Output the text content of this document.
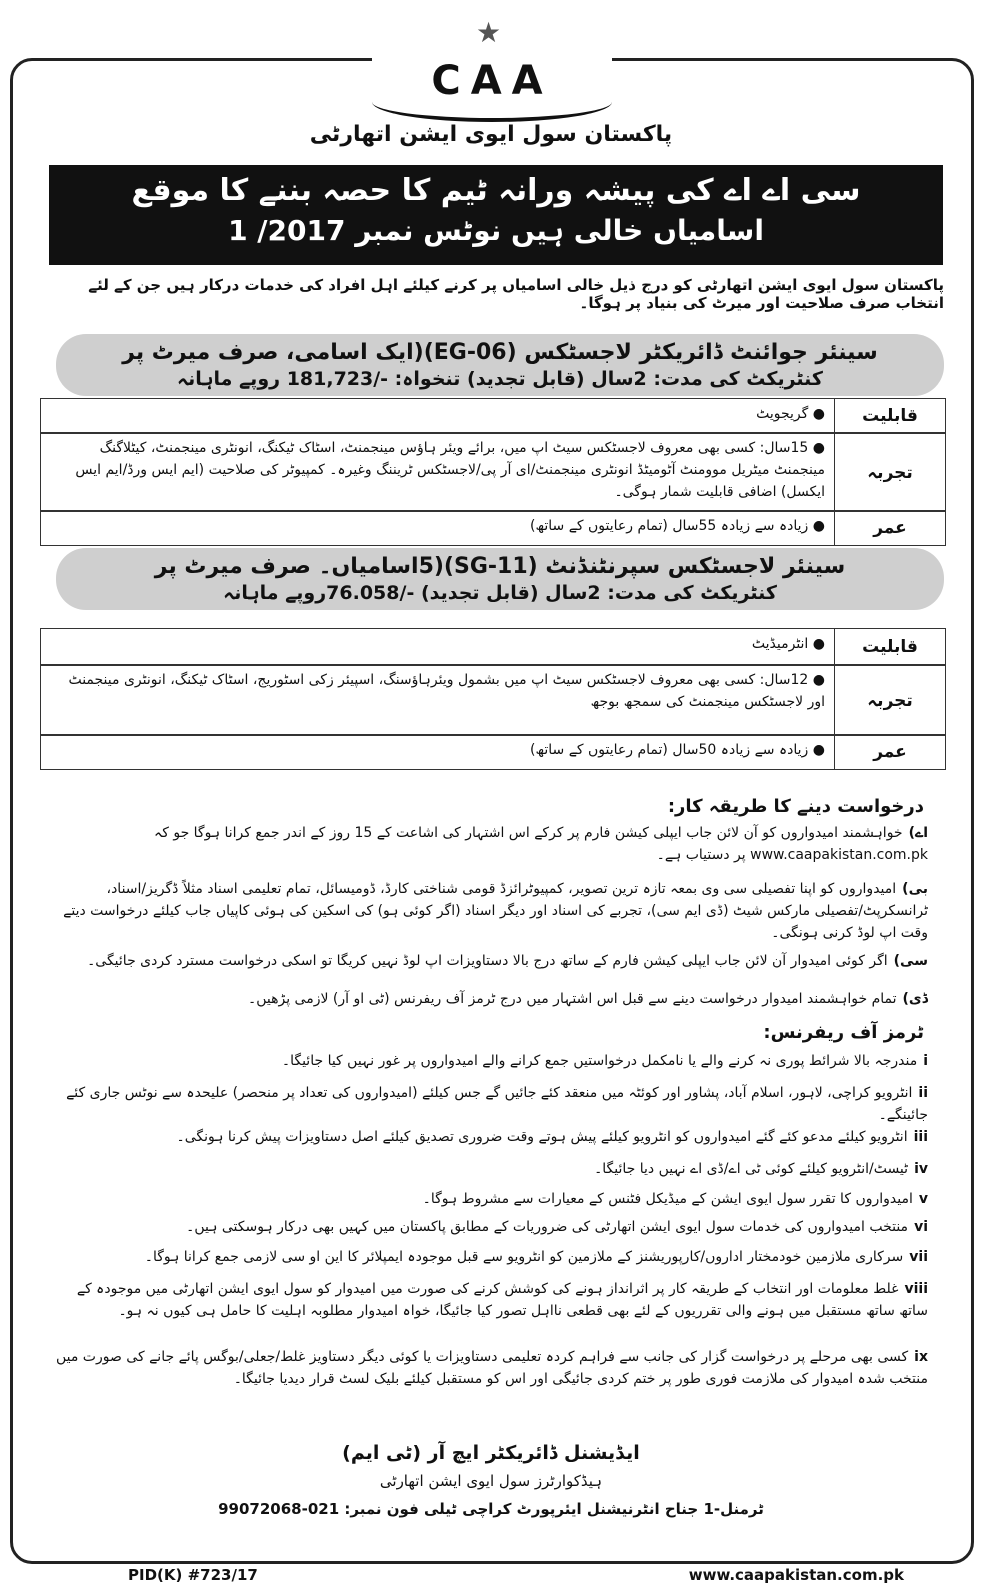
★
CAA
پاکستان سول ایوی ایشن اتھارٹی
سی اے اے کی پیشہ ورانہ ٹیم کا حصہ بننے کا موقع
اسامیاں خالی ہیں نوٹس نمبر 2017/ 1
پاکستان سول ایوی ایشن اتھارٹی کو درج ذیل خالی اسامیاں پر کرنے کیلئے اہل افراد کی خدمات درکار ہیں جن کے لئے انتخاب صرف صلاحیت اور میرٹ کی بنیاد پر ہوگا۔
سینئر جوائنٹ ڈائریکٹر لاجسٹکس (EG-06)(ایک اسامی، صرف میرٹ پر
کنٹریکٹ کی مدت: 2سال (قابل تجدید) تنخواہ: -/181,723 روپے ماہانہ
قابلیت
● گریجویٹ
تجربہ
● 15سال: کسی بھی معروف لاجسٹکس سیٹ اپ میں، برائے ویئر ہاؤس مینجمنٹ، اسٹاک ٹیکنگ، انونٹری مینجمنٹ، کیٹلاگنگ مینجمنٹ میٹریل موومنٹ آٹومیٹڈ انونٹری مینجمنٹ/ای آر پی/لاجسٹکس ٹریننگ وغیرہ۔ کمپیوٹر کی صلاحیت (ایم ایس ورڈ/ایم ایس ایکسل) اضافی قابلیت شمار ہوگی۔
عمر
● زیادہ سے زیادہ 55سال (تمام رعایتوں کے ساتھ)
سینئر لاجسٹکس سپرنٹنڈنٹ (SG-11)(5اسامیاں۔ صرف میرٹ پر
کنٹریکٹ کی مدت: 2سال (قابل تجدید) -/76.058روپے ماہانہ
قابلیت
● انٹرمیڈیٹ
تجربہ
● 12سال: کسی بھی معروف لاجسٹکس سیٹ اپ میں بشمول ویئرہاؤسنگ، اسپیئر زکی اسٹوریج، اسٹاک ٹیکنگ، انونٹری مینجمنٹ اور لاجسٹکس مینجمنٹ کی سمجھ بوجھ
عمر
● زیادہ سے زیادہ 50سال (تمام رعایتوں کے ساتھ)
درخواست دینے کا طریقہ کار:
اے)خواہشمند امیدواروں کو آن لائن جاب ایپلی کیشن فارم پر کرکے اس اشتہار کی اشاعت کے 15 روز کے اندر جمع کرانا ہوگا جو کہ www.caapakistan.com.pk پر دستیاب ہے۔
بی)امیدواروں کو اپنا تفصیلی سی وی بمعہ تازہ ترین تصویر، کمپیوٹرائزڈ قومی شناختی کارڈ، ڈومیسائل، تمام تعلیمی اسناد مثلاً ڈگریز/اسناد، ٹرانسکرپٹ/تفصیلی مارکس شیٹ (ڈی ایم سی)، تجربے کی اسناد اور دیگر اسناد (اگر کوئی ہو) کی اسکین کی ہوئی کاپیاں جاب کیلئے درخواست دیتے وقت اپ لوڈ کرنی ہونگی۔
سی)اگر کوئی امیدوار آن لائن جاب ایپلی کیشن فارم کے ساتھ درج بالا دستاویزات اپ لوڈ نہیں کریگا تو اسکی درخواست مسترد کردی جائیگی۔
ڈی)تمام خواہشمند امیدوار درخواست دینے سے قبل اس اشتہار میں درج ٹرمز آف ریفرنس (ٹی او آر) لازمی پڑھیں۔
ٹرمز آف ریفرنس:
iمندرجہ بالا شرائط پوری نہ کرنے والے یا نامکمل درخواستیں جمع کرانے والے امیدواروں پر غور نہیں کیا جائیگا۔
iiانٹرویو کراچی، لاہور، اسلام آباد، پشاور اور کوئٹہ میں منعقد کئے جائیں گے جس کیلئے (امیدواروں کی تعداد پر منحصر) علیحدہ سے نوٹس جاری کئے جائینگے۔
iiiانٹرویو کیلئے مدعو کئے گئے امیدواروں کو انٹرویو کیلئے پیش ہوتے وقت ضروری تصدیق کیلئے اصل دستاویزات پیش کرنا ہونگی۔
ivٹیسٹ/انٹرویو کیلئے کوئی ٹی اے/ڈی اے نہیں دیا جائیگا۔
vامیدواروں کا تقرر سول ایوی ایشن کے میڈیکل فٹنس کے معیارات سے مشروط ہوگا۔
viمنتخب امیدواروں کی خدمات سول ایوی ایشن اتھارٹی کی ضروریات کے مطابق پاکستان میں کہیں بھی درکار ہوسکتی ہیں۔
viiسرکاری ملازمین خودمختار اداروں/کارپوریشنز کے ملازمین کو انٹرویو سے قبل موجودہ ایمپلائر کا این او سی لازمی جمع کرانا ہوگا۔
viiiغلط معلومات اور انتخاب کے طریقہ کار پر اثرانداز ہونے کی کوشش کرنے کی صورت میں امیدوار کو سول ایوی ایشن اتھارٹی میں موجودہ کے ساتھ ساتھ مستقبل میں ہونے والی تقرریوں کے لئے بھی قطعی نااہل تصور کیا جائیگا، خواہ امیدوار مطلوبہ اہلیت کا حامل ہی کیوں نہ ہو۔
ixکسی بھی مرحلے پر درخواست گزار کی جانب سے فراہم کردہ تعلیمی دستاویزات یا کوئی دیگر دستاویز غلط/جعلی/بوگس پائے جانے کی صورت میں منتخب شدہ امیدوار کی ملازمت فوری طور پر ختم کردی جائیگی اور اس کو مستقبل کیلئے بلیک لسٹ قرار دیدیا جائیگا۔
ایڈیشنل ڈائریکٹر ایچ آر (ٹی ایم)
ہیڈکوارٹرز سول ایوی ایشن اتھارٹی
ٹرمنل-1 جناح انٹرنیشنل ایئرپورٹ کراچی ٹیلی فون نمبر: 021-99072068
PID(K) #723/17	www.caapakistan.com.pk
